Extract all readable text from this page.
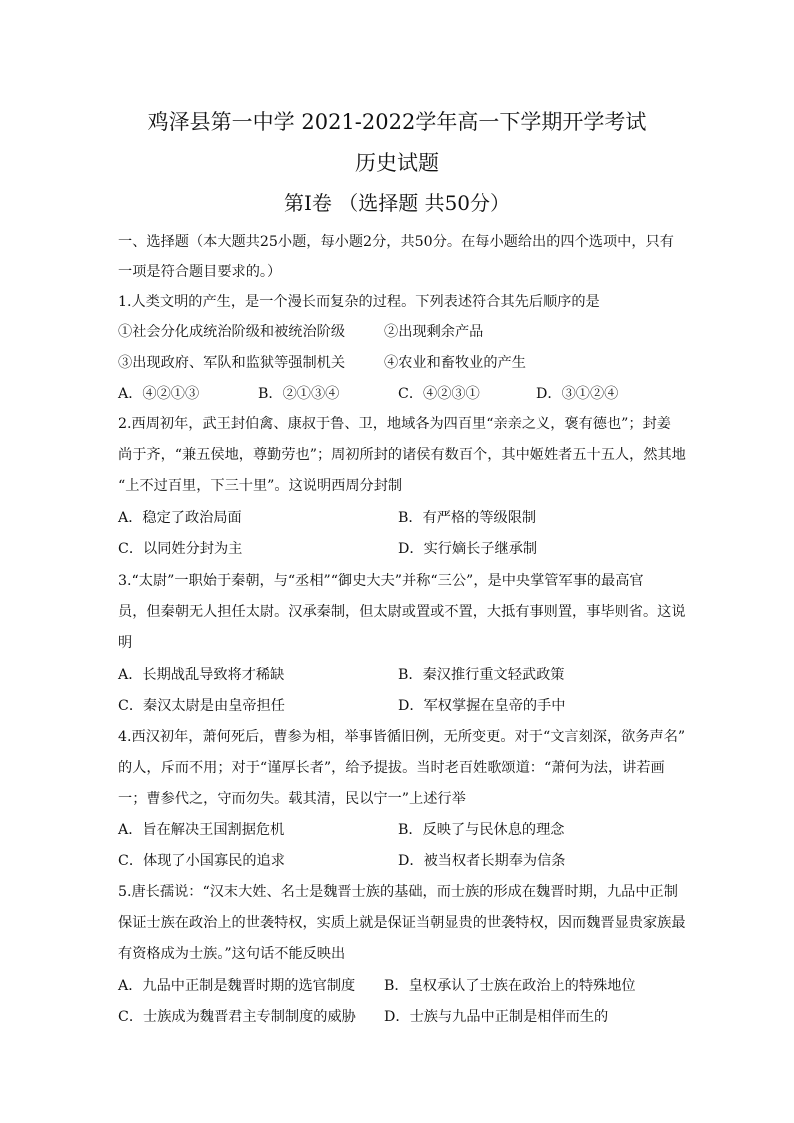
鸡泽县第一中学 2021-2022学年高一下学期开学考试
历史试题
第Ⅰ卷 （选择题 共50分）
一、选择题（本大题共25小题，每小题2分，共50分。在每小题给出的四个选项中，只有
一项是符合题目要求的。）
1.人类文明的产生，是一个漫长而复杂的过程。下列表述符合其先后顺序的是
①社会分化成统治阶级和被统治阶级	②出现剩余产品
③出现政府、军队和监狱等强制机关	④农业和畜牧业的产生
A．④②①③	B．②①③④	C．④②③①	D．③①②④
2.西周初年，武王封伯禽、康叔于鲁、卫，地域各为四百里“亲亲之义，褒有德也”；封姜
尚于齐，“兼五侯地，尊勤劳也”；周初所封的诸侯有数百个，其中姬姓者五十五人，然其地
“上不过百里，下三十里”。这说明西周分封制
A．稳定了政治局面	B．有严格的等级限制
C．以同姓分封为主	D．实行嫡长子继承制
3.“太尉”一职始于秦朝，与“丞相”“御史大夫”并称“三公”，是中央掌管军事的最高官
员，但秦朝无人担任太尉。汉承秦制，但太尉或置或不置，大抵有事则置，事毕则省。这说
明
A．长期战乱导致将才稀缺	B．秦汉推行重文轻武政策
C．秦汉太尉是由皇帝担任	D．军权掌握在皇帝的手中
4.西汉初年，萧何死后，曹参为相，举事皆循旧例，无所变更。对于“文言刻深，欲务声名”
的人，斥而不用；对于“谨厚长者”，给予提拔。当时老百姓歌颂道：“萧何为法，讲若画
一；曹参代之，守而勿失。载其清，民以宁一”上述行举
A．旨在解决王国割据危机	B．反映了与民休息的理念
C．体现了小国寡民的追求	D．被当权者长期奉为信条
5.唐长孺说：“汉末大姓、名士是魏晋士族的基础，而士族的形成在魏晋时期，九品中正制
保证士族在政治上的世袭特权，实质上就是保证当朝显贵的世袭特权，因而魏晋显贵家族最
有资格成为士族。”这句话不能反映出
A．九品中正制是魏晋时期的选官制度 B．皇权承认了士族在政治上的特殊地位
C．士族成为魏晋君主专制制度的威胁 D．士族与九品中正制是相伴而生的
